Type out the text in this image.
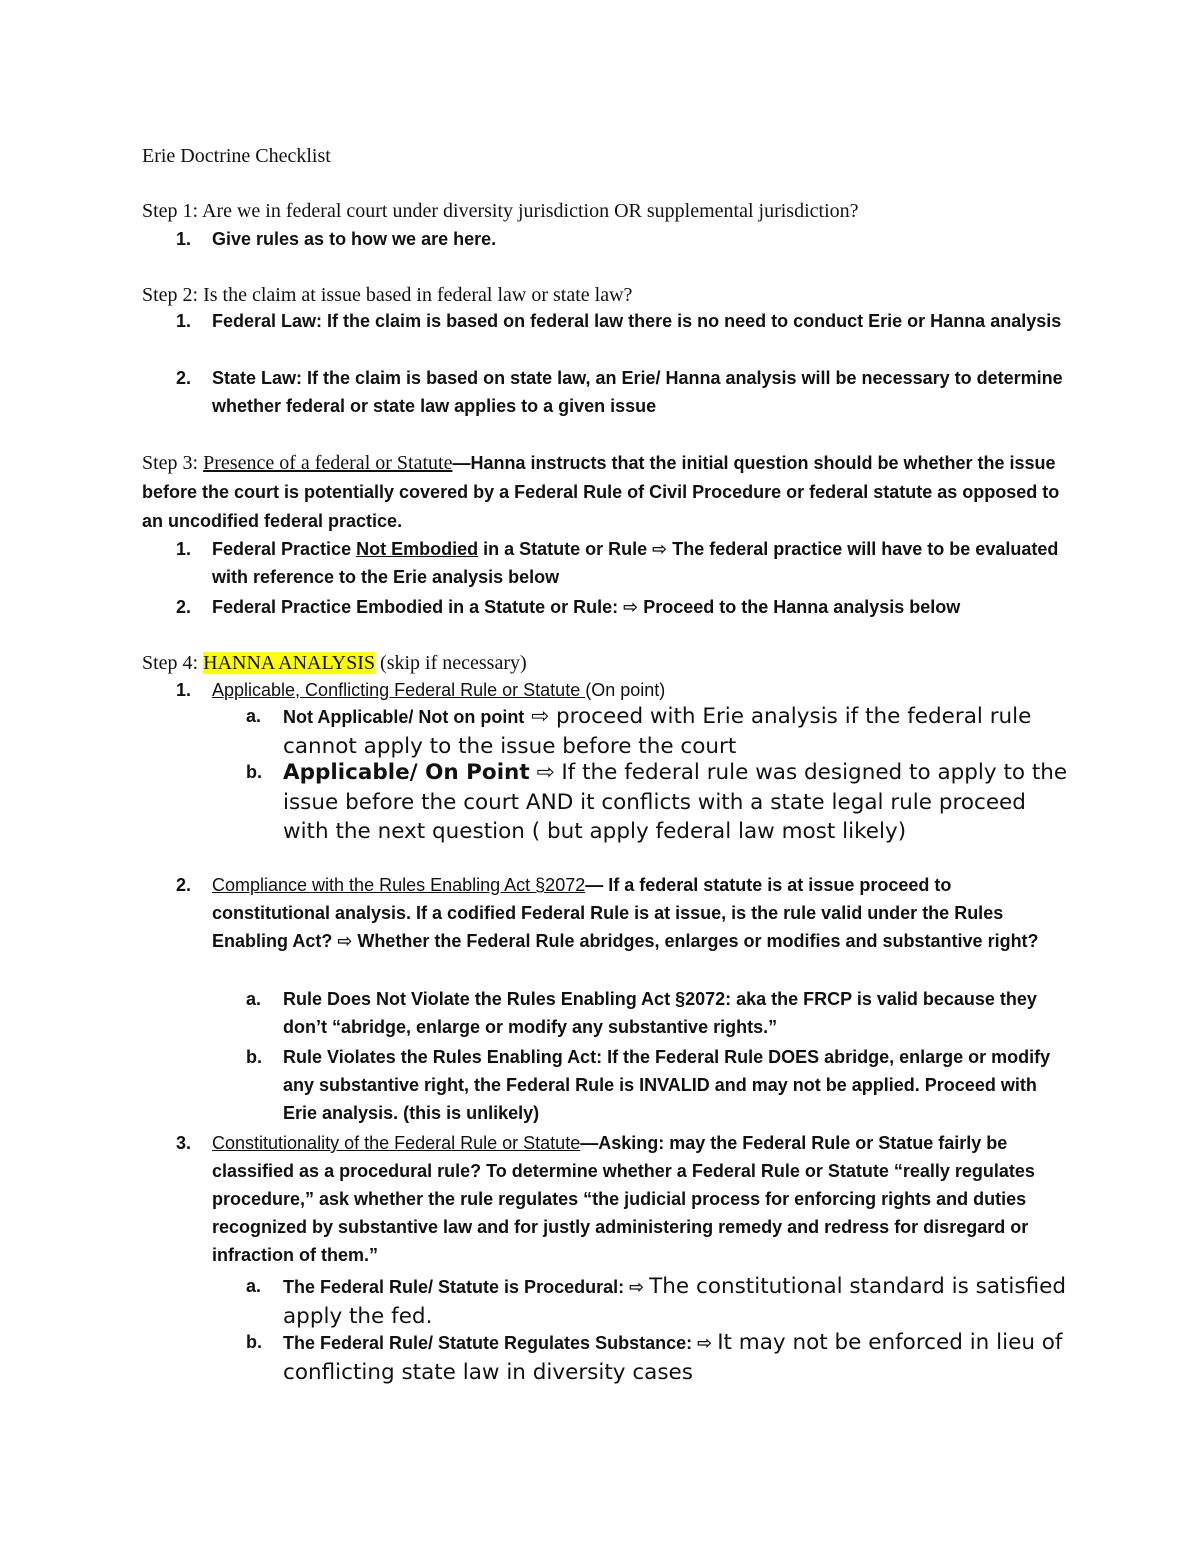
Erie Doctrine Checklist
Step 1: Are we in federal court under diversity jurisdiction OR supplemental jurisdiction?
1. Give rules as to how we are here.
Step 2: Is the claim at issue based in federal law or state law?
1. Federal Law: If the claim is based on federal law there is no need to conduct Erie or Hanna analysis
2. State Law: If the claim is based on state law, an Erie/ Hanna analysis will be necessary to determine whether federal or state law applies to a given issue
Step 3: Presence of a federal or Statute—Hanna instructs that the initial question should be whether the issue before the court is potentially covered by a Federal Rule of Civil Procedure or federal statute as opposed to an uncodified federal practice.
1. Federal Practice Not Embodied in a Statute or Rule ⇨ The federal practice will have to be evaluated with reference to the Erie analysis below
2. Federal Practice Embodied in a Statute or Rule: ⇨ Proceed to the Hanna analysis below
Step 4: HANNA ANALYSIS (skip if necessary)
1. Applicable, Conflicting Federal Rule or Statute (On point)
a. Not Applicable/ Not on point ⇨ proceed with Erie analysis if the federal rule cannot apply to the issue before the court
b. Applicable/ On Point ⇨ If the federal rule was designed to apply to the issue before the court AND it conflicts with a state legal rule proceed with the next question ( but apply federal law most likely)
2. Compliance with the Rules Enabling Act §2072— If a federal statute is at issue proceed to constitutional analysis. If a codified Federal Rule is at issue, is the rule valid under the Rules Enabling Act? ⇨ Whether the Federal Rule abridges, enlarges or modifies and substantive right?
a. Rule Does Not Violate the Rules Enabling Act §2072: aka the FRCP is valid because they don’t “abridge, enlarge or modify any substantive rights.”
b. Rule Violates the Rules Enabling Act: If the Federal Rule DOES abridge, enlarge or modify any substantive right, the Federal Rule is INVALID and may not be applied. Proceed with Erie analysis. (this is unlikely)
3. Constitutionality of the Federal Rule or Statute—Asking: may the Federal Rule or Statue fairly be classified as a procedural rule? To determine whether a Federal Rule or Statute “really regulates procedure,” ask whether the rule regulates “the judicial process for enforcing rights and duties recognized by substantive law and for justly administering remedy and redress for disregard or infraction of them.”
a. The Federal Rule/ Statute is Procedural: ⇨ The constitutional standard is satisfied apply the fed.
b. The Federal Rule/ Statute Regulates Substance: ⇨ It may not be enforced in lieu of conflicting state law in diversity cases
